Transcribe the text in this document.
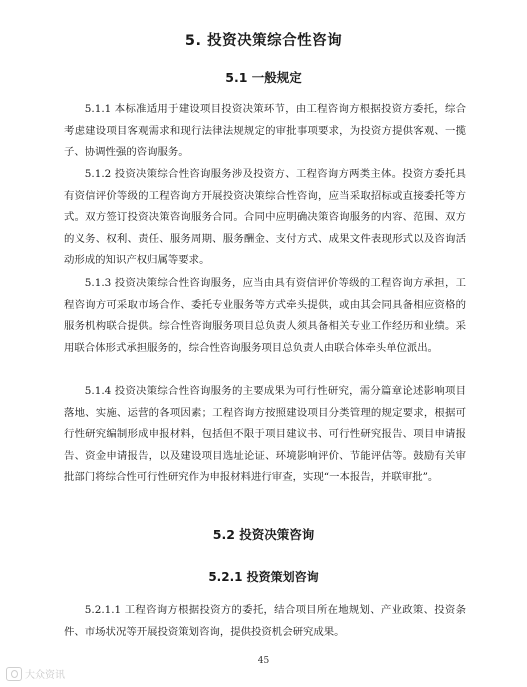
5. 投资决策综合性咨询
5.1 一般规定

5.1.1 本标准适用于建设项目投资决策环节，由工程咨询方根据投资方委托，综合考虑建设项目客观需求和现行法律法规规定的审批事项要求，为投资方提供客观、一揽子、协调性强的咨询服务。

5.1.2 投资决策综合性咨询服务涉及投资方、工程咨询方两类主体。投资方委托具有资信评价等级的工程咨询方开展投资决策综合性咨询，应当采取招标或直接委托等方式。双方签订投资决策咨询服务合同。合同中应明确决策咨询服务的内容、范围、双方的义务、权利、责任、服务周期、服务酬金、支付方式、成果文件表现形式以及咨询活动形成的知识产权归属等要求。

5.1.3 投资决策综合性咨询服务，应当由具有资信评价等级的工程咨询方承担，工程咨询方可采取市场合作、委托专业服务等方式牵头提供，或由其会同具备相应资格的服务机构联合提供。综合性咨询服务项目总负责人须具备相关专业工作经历和业绩。采用联合体形式承担服务的，综合性咨询服务项目总负责人由联合体牵头单位派出。

5.1.4 投资决策综合性咨询服务的主要成果为可行性研究，需分篇章论述影响项目落地、实施、运营的各项因素；工程咨询方按照建设项目分类管理的规定要求，根据可行性研究编制形成申报材料，包括但不限于项目建议书、可行性研究报告、项目申请报告、资金申请报告，以及建设项目选址论证、环境影响评价、节能评估等。鼓励有关审批部门将综合性可行性研究作为申报材料进行审查，实现“一本报告，并联审批”。

5.2 投资决策咨询
5.2.1 投资策划咨询

5.2.1.1 工程咨询方根据投资方的委托，结合项目所在地规划、产业政策、投资条件、市场状况等开展投资策划咨询，提供投资机会研究成果。

45
大众资讯
